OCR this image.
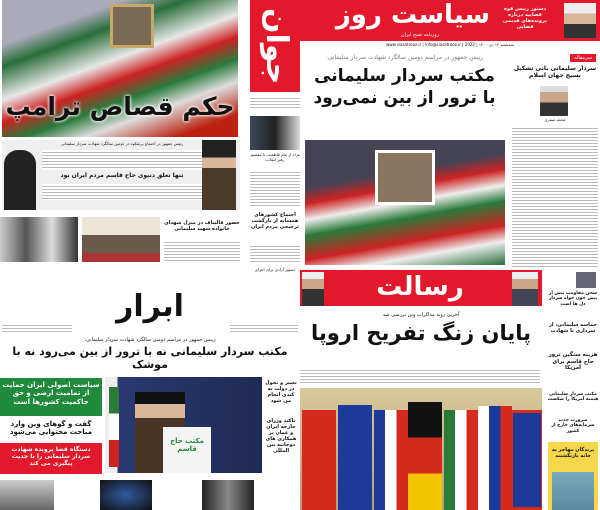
حکم قصاص ترامپ
رئیس جمهور در اجتماع پرشکوه در دومین سالگرد شهادت سردار سلیمانی
تنها تعلق دنیوی حاج قاسم مردم ایران بود
حضور قالیباف در منزل شهدای خانواده شهید سلیمانی
جوان
مراد از پیام قاطعیت با مقصود رهبر انقلاب
اجتماع کشورهای همسایه از بازگشت ترجیحی مردم ایران
دستور آزادی برای اجرای
سیاست روز
روزنامه صبح ایران
دستور رییس قوه قضاییه درباره پرونده‌های قدیمی قضایی
سه‌شنبه ۱۴ دی ۱۴۰۰ | www.siasatrooz.ir | info@siasatrooz.ir | 2022
رییس جمهور در مراسم دومین سالگرد شهادت سردار سلیمانی:
مکتب سردار سلیمانی
با ترور از بین نمی‌رود
سرمقاله
سردار سلیمانی بانی تشکیل بسیج جهان اسلام
محمد صفری
ابرار
رییس جمهور در مراسم دومین سالگرد شهادت سردار سلیمانی:
مکتب سردار سلیمانی نه با ترور از بین می‌رود نه با موشک
سیاست اصولی ایران حمایت از تمامیت ارضی و حق حاکمیت کشورها است
گفت و گوهای وین وارد مباحث محتوایی می‌شود
دستگاه قضا پرونده شهادت سردار سلیمانی را با جدیت پیگیری می کند
مکتب حاج قاسم
تغییر و تحول در دولت به کندی انجام می شود
تاکید وزرای خارجه ایران و عمان بر همکاری های دوجانبه بین المللی
رسالت
آخرین روند مذاکرات وین بررسی شد
پایان زنگ تفریح اروپا
سخن مقاومت بیش از پیش خون خواه سردار دل ها است
حماسه سلیمانی، از سرداری تا شهادت
هزینه سنگین ترور حاج قاسم برای آمریکا
مکتب سردار سلیمانی هیمنه آمریکا را شکست
ضرورت جذب سرمایه‌های خارج از کشور
پرندگان مهاجر به خانه بازنگشتند
